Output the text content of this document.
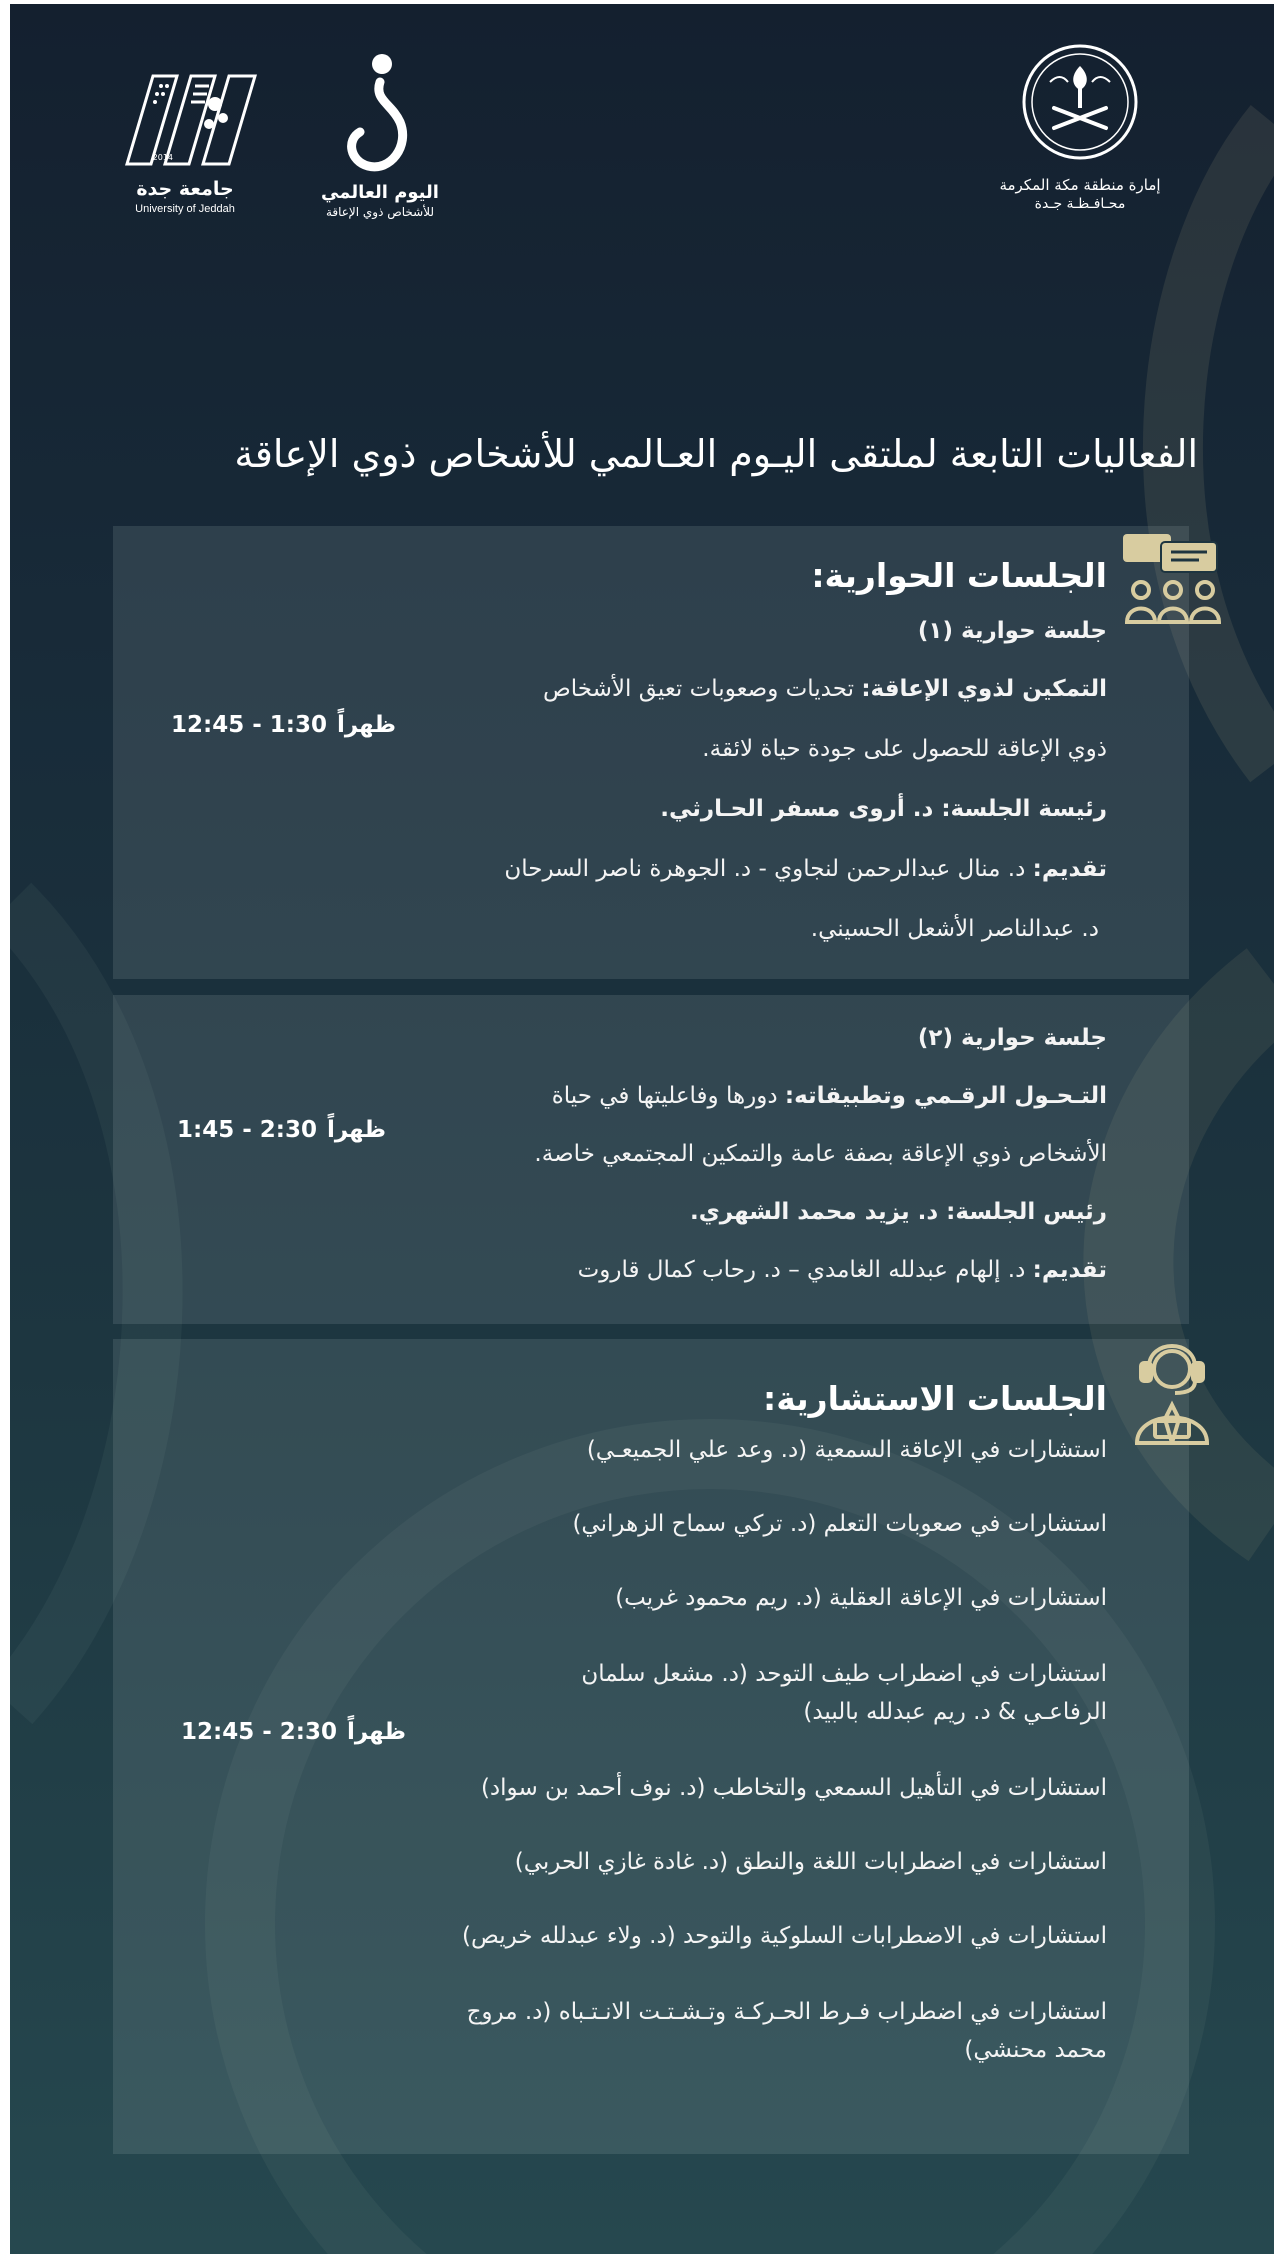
2014
جامعة جدة
University of Jeddah
اليوم العالمي
للأشخاص ذوي الإعاقة
إمارة منطقة مكة المكرمة
محـافـظـة جـدة
الفعاليات التابعة لملتقى اليـوم العـالمي للأشخاص ذوي الإعاقة
الجلسات الحوارية:
جلسة حوارية (١)
التمكين لذوي الإعاقة: تحديات وصعوبات تعيق الأشخاص
ذوي الإعاقة للحصول على جودة حياة لائقة.
رئيسة الجلسة: د. أروى مسفر الحـارثي.
تقديم: د. منال عبدالرحمن لنجاوي - د. الجوهرة ناصر السرحان
د. عبدالناصر الأشعل الحسيني.
12:45 - 1:30 ظهراً
جلسة حوارية (٢)
التـحـول الرقـمي وتطبيقاته: دورها وفاعليتها في حياة
الأشخاص ذوي الإعاقة بصفة عامة والتمكين المجتمعي خاصة.
رئيس الجلسة: د. يزيد محمد الشهري.
تقديم: د. إلهام عبدلله الغامدي – د. رحاب كمال قاروت
1:45 - 2:30 ظهراً
الجلسات الاستشارية:
استشارات في الإعاقة السمعية (د. وعد علي الجميعـي)
استشارات في صعوبات التعلم (د. تركي سماح الزهراني)
استشارات في الإعاقة العقلية (د. ريم محمود غريب)
استشارات في اضطراب طيف التوحد (د. مشعل سلمان
الرفاعـي & د. ريم عبدلله بالبيد)
استشارات في التأهيل السمعي والتخاطب (د. نوف أحمد بن سواد)
استشارات في اضطرابات اللغة والنطق (د. غادة غازي الحربي)
استشارات في الاضطرابات السلوكية والتوحد (د. ولاء عبدلله خريص)
استشارات في اضطراب فـرط الحـركـة وتـشـتـت الانـتـباه (د. مروج
محمد محنشي)
12:45 - 2:30 ظهراً
